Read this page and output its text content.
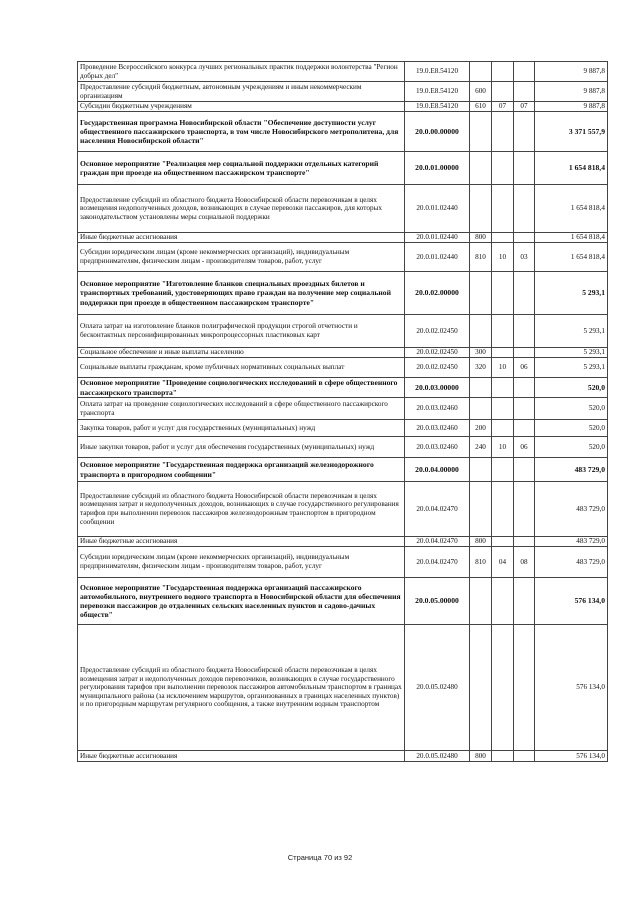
Проведение Всероссийского конкурса лучших региональных практик поддержки волонтерства "Регион добрых дел"	19.0.E8.54120				9 887,8
Предоставление субсидий бюджетным, автономным учреждениям и иным некоммерческим организациям	19.0.E8.54120	600			9 887,8
Субсидии бюджетным учреждениям	19.0.E8.54120	610	07	07	9 887,8
Государственная программа Новосибирской области "Обеспечение доступности услуг общественного пассажирского транспорта, в том числе Новосибирского метрополитена, для населения Новосибирской области"	20.0.00.00000				3 371 557,9
Основное мероприятие "Реализация мер социальной поддержки отдельных категорий граждан при проезде на общественном пассажирском транспорте"	20.0.01.00000				1 654 818,4
Предоставление субсидий из областного бюджета Новосибирской области перевозчикам в целях возмещения недополученных доходов, возникающих в случае перевозки пассажиров, для которых законодательством установлены меры социальной поддержки	20.0.01.02440				1 654 818,4
Иные бюджетные ассигнования	20.0.01.02440	800			1 654 818,4
Субсидии юридическим лицам (кроме некоммерческих организаций), индивидуальным предпринимателям, физическим лицам - производителям товаров, работ, услуг	20.0.01.02440	810	10	03	1 654 818,4
Основное мероприятие "Изготовление бланков специальных проездных билетов и транспортных требований, удостоверяющих право граждан на получение мер социальной поддержки при проезде в общественном пассажирском транспорте"	20.0.02.00000				5 293,1
Оплата затрат на изготовление бланков полиграфической продукции строгой отчетности и бесконтактных персонифицированных микропроцессорных пластиковых карт	20.0.02.02450				5 293,1
Социальное обеспечение и иные выплаты населению	20.0.02.02450	300			5 293,1
Социальные выплаты гражданам, кроме публичных нормативных социальных выплат	20.0.02.02450	320	10	06	5 293,1
Основное мероприятие "Проведение социологических исследований в сфере общественного пассажирского транспорта"	20.0.03.00000				520,0
Оплата затрат на проведение социологических исследований в сфере общественного пассажирского транспорта	20.0.03.02460				520,0
Закупка товаров, работ и услуг для государственных (муниципальных) нужд	20.0.03.02460	200			520,0
Иные закупки товаров, работ и услуг для обеспечения государственных (муниципальных) нужд	20.0.03.02460	240	10	06	520,0
Основное мероприятие "Государственная поддержка организаций железнодорожного транспорта в пригородном сообщении"	20.0.04.00000				483 729,0
Предоставление субсидий из областного бюджета Новосибирской области перевозчикам в целях возмещения затрат и недополученных доходов, возникающих в случае государственного регулирования тарифов при выполнении перевозок пассажиров железнодорожным транспортом в пригородном сообщении	20.0.04.02470				483 729,0
Иные бюджетные ассигнования	20.0.04.02470	800			483 729,0
Субсидии юридическим лицам (кроме некоммерческих организаций), индивидуальным предпринимателям, физическим лицам - производителям товаров, работ, услуг	20.0.04.02470	810	04	08	483 729,0
Основное мероприятие "Государственная поддержка организаций пассажирского автомобильного, внутреннего водного транспорта в Новосибирской области для обеспечения перевозки пассажиров до отдаленных сельских населенных пунктов и садово-дачных обществ"	20.0.05.00000				576 134,0
Предоставление субсидий из областного бюджета Новосибирской области перевозчикам в целях возмещения затрат и недополученных доходов перевозчиков, возникающих в случае государственного регулирования тарифов при выполнении перевозок пассажиров автомобильным транспортом в границах муниципального района (за исключением маршрутов, организованных в границах населенных пунктов) и по пригородным маршрутам регулярного сообщения, а также внутренним водным транспортом	20.0.05.02480				576 134,0
Иные бюджетные ассигнования	20.0.05.02480	800			576 134,0
Страница 70 из 92
